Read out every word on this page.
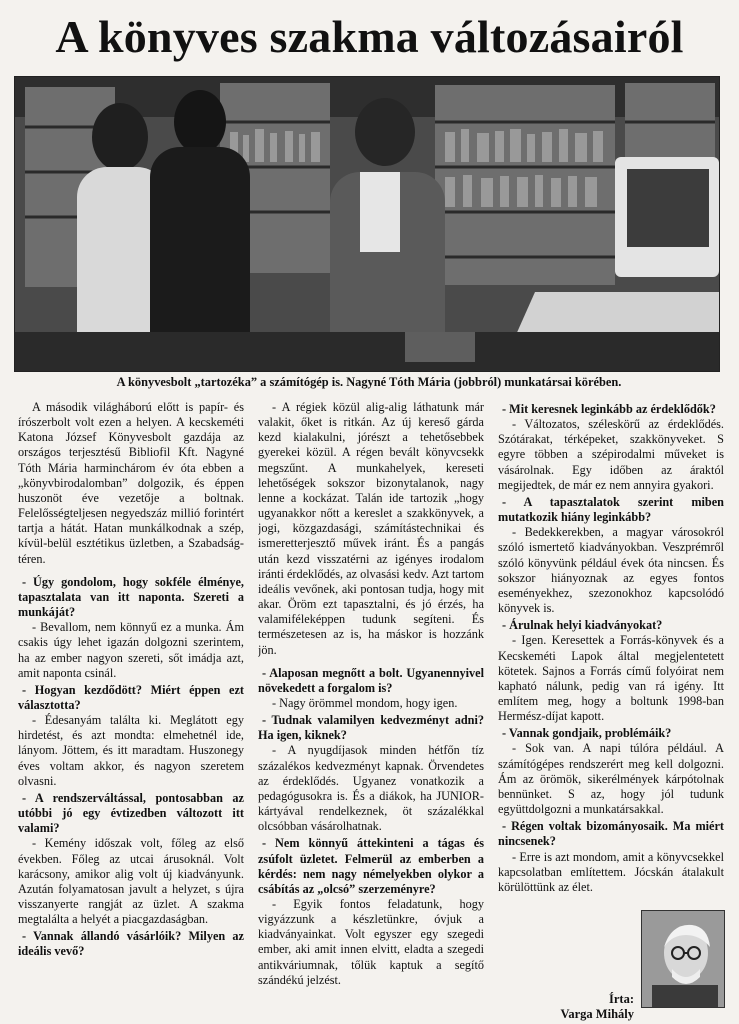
A könyves szakma változásairól
A könyvesbolt „tartozéka” a számítógép is. Nagyné Tóth Mária (jobbról) munkatársai körében.

A második világháború előtt is papír- és írószerbolt volt ezen a helyen. A kecskeméti Katona József Könyvesbolt gazdája az országos terjesztésű Bibliofil Kft. Nagyné Tóth Mária harminchárom év óta ebben a „könyvbirodalomban” dolgozik, és éppen huszonöt éve vezetője a boltnak. Felelősségteljesen negyedszáz millió forintért tartja a hátát. Hatan munkálkodnak a szép, kívül-belül esztétikus üzletben, a Szabadság-téren.

- Úgy gondolom, hogy sokféle élménye, tapasztalata van itt naponta. Szereti a munkáját?

- Bevallom, nem könnyű ez a munka. Ám csakis úgy lehet igazán dolgozni szerintem, ha az ember nagyon szereti, sőt imádja azt, amit naponta csinál.

- Hogyan kezdődött? Miért éppen ezt választotta?

- Édesanyám találta ki. Meglátott egy hirdetést, és azt mondta: elmehetnél ide, lányom. Jöttem, és itt maradtam. Huszonegy éves voltam akkor, és nagyon szeretem olvasni.

- A rendszerváltással, pontosabban az utóbbi jó egy évtizedben változott itt valami?

- Kemény időszak volt, főleg az első években. Főleg az utcai árusoknál. Volt karácsony, amikor alig volt új kiadványunk. Azután folyamatosan javult a helyzet, s újra visszanyerte rangját az üzlet. A szakma megtalálta a helyét a piacgazdaságban.

- Vannak állandó vásárlóik? Milyen az ideális vevő?

- A régiek közül alig-alig láthatunk már valakit, őket is ritkán. Az új kereső gárda kezd kialakulni, jórészt a tehetősebbek gyerekei közül. A régen bevált könyvcsekk megszűnt. A munkahelyek, kereseti lehetőségek sokszor bizonytalanok, nagy lenne a kockázat. Talán ide tartozik „hogy ugyanakkor nőtt a kereslet a szakkönyvek, a jogi, közgazdasági, számítástechnikai és ismeretterjesztő művek iránt. És a pangás után kezd visszatérni az igényes irodalom iránti érdeklődés, az olvasási kedv. Azt tartom ideális vevőnek, aki pontosan tudja, hogy mit akar. Öröm ezt tapasztalni, és jó érzés, ha valamiféleképpen tudunk segíteni. És természetesen az is, ha máskor is hozzánk jön.

- Alaposan megnőtt a bolt. Ugyanennyivel növekedett a forgalom is?

- Nagy örömmel mondom, hogy igen.

- Tudnak valamilyen kedvezményt adni? Ha igen, kiknek?

- A nyugdíjasok minden hétfőn tíz százalékos kedvezményt kapnak. Örvendetes az érdeklődés. Ugyanez vonatkozik a pedagógusokra is. És a diákok, ha JUNIOR-kártyával rendelkeznek, öt százalékkal olcsóbban vásárolhatnak.

- Nem könnyű áttekinteni a tágas és zsúfolt üzletet. Felmerül az emberben a kérdés: nem nagy némelyekben olykor a csábítás az „olcsó” szerzeményre?

- Egyik fontos feladatunk, hogy vigyázzunk a készletünkre, óvjuk a kiadványainkat. Volt egyszer egy szegedi ember, aki amit innen elvitt, eladta a szegedi antikváriumnak, tőlük kaptuk a segítő szándékú jelzést.

- Mit keresnek leginkább az érdeklődők?

- Változatos, széleskörű az érdeklődés. Szótárakat, térképeket, szakkönyveket. S egyre többen a szépirodalmi műveket is vásárolnak. Egy időben az áraktól megijedtek, de már ez nem annyira gyakori.

- A tapasztalatok szerint miben mutatkozik hiány leginkább?

- Bedekkerekben, a magyar városokról szóló ismertető kiadványokban. Veszprémről szóló könyvünk például évek óta nincsen. És sokszor hiányoznak az egyes fontos eseményekhez, szezonokhoz kapcsolódó könyvek is.

- Árulnak helyi kiadványokat?

- Igen. Keresettek a Forrás-könyvek és a Kecskeméti Lapok által megjelentetett kötetek. Sajnos a Forrás című folyóirat nem kapható nálunk, pedig van rá igény. Itt említem meg, hogy a boltunk 1998-ban Hermész-díjat kapott.

- Vannak gondjaik, problémáik?

- Sok van. A napi túlóra például. A számítógépes rendszerért meg kell dolgozni. Ám az örömök, sikerélmények kárpótolnak bennünket. S az, hogy jól tudunk együttdolgozni a munkatársakkal.

- Régen voltak bizományosaik. Ma miért nincsenek?

- Erre is azt mondom, amit a könyvcsekkel kapcsolatban említettem. Jócskán átalakult körülöttünk az élet.

Írta:
Varga Mihály
